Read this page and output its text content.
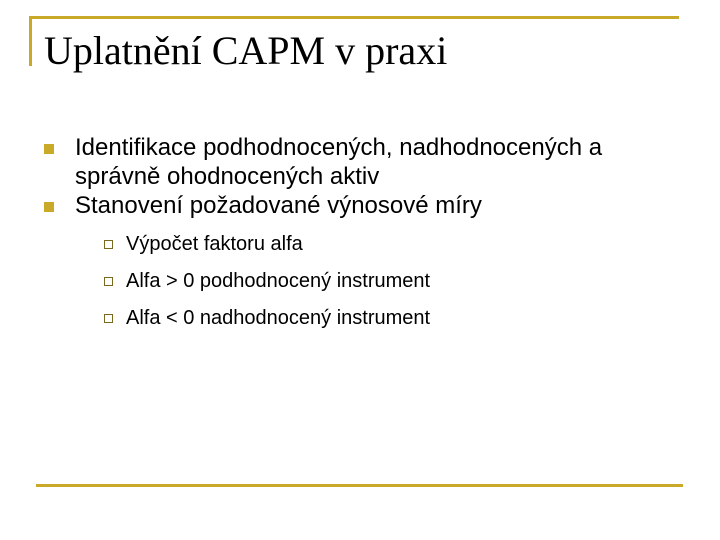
Uplatnění CAPM v praxi
Identifikace podhodnocených, nadhodnocených a správně ohodnocených aktiv
Stanovení požadované výnosové míry
Výpočet faktoru alfa
Alfa > 0 podhodnocený instrument
Alfa < 0 nadhodnocený instrument
